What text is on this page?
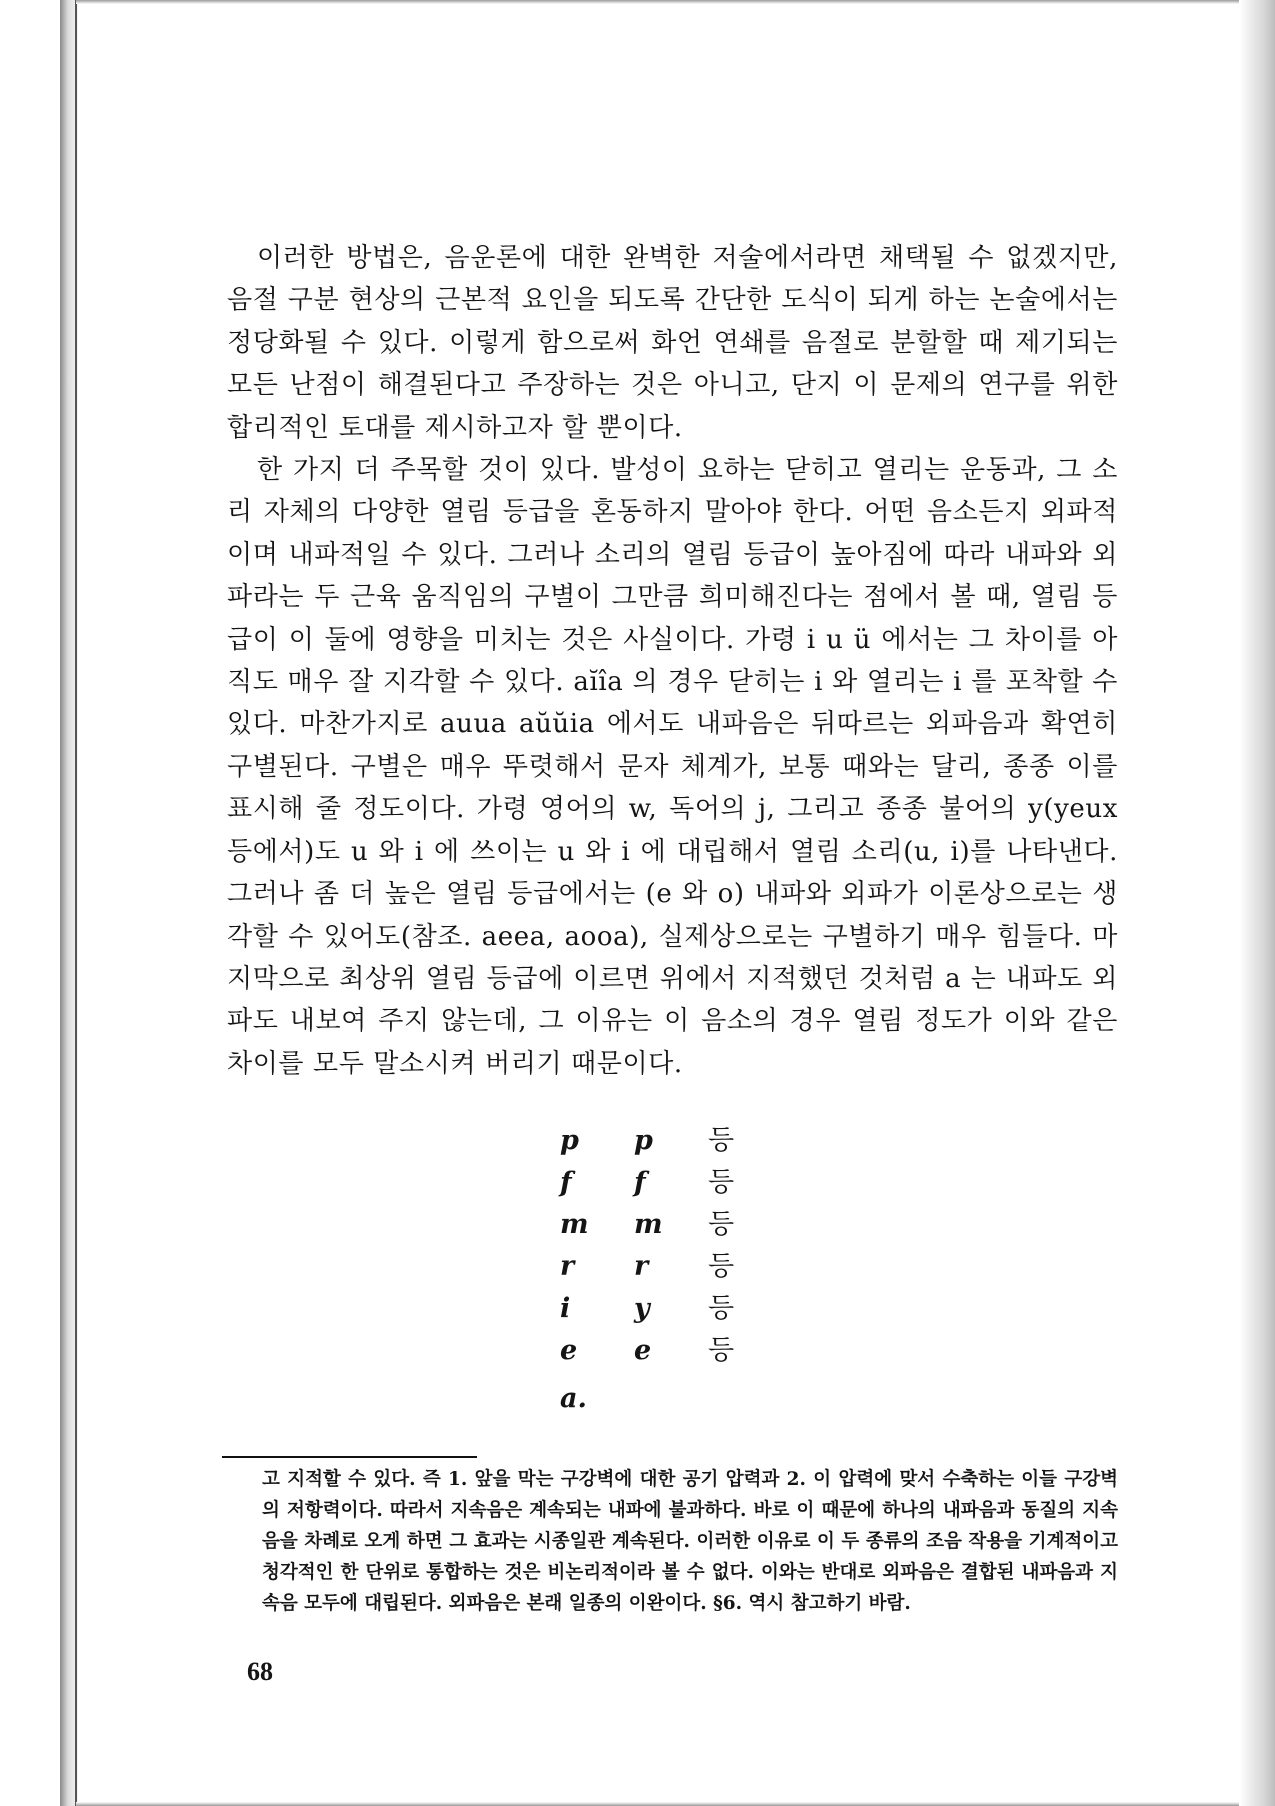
이러한 방법은, 음운론에 대한 완벽한 저술에서라면 채택될 수 없겠지만, 음절 구분 현상의 근본적 요인을 되도록 간단한 도식이 되게 하는 논술에서는 정당화될 수 있다. 이렇게 함으로써 화언 연쇄를 음절로 분할할 때 제기되는 모든 난점이 해결된다고 주장하는 것은 아니고, 단지 이 문제의 연구를 위한 합리적인 토대를 제시하고자 할 뿐이다.

한 가지 더 주목할 것이 있다. 발성이 요하는 닫히고 열리는 운동과, 그 소리 자체의 다양한 열림 등급을 혼동하지 말아야 한다. 어떤 음소든지 외파적이며 내파적일 수 있다. 그러나 소리의 열림 등급이 높아짐에 따라 내파와 외파라는 두 근육 움직임의 구별이 그만큼 희미해진다는 점에서 볼 때, 열림 등급이 이 둘에 영향을 미치는 것은 사실이다. 가령 i u ü 에서는 그 차이를 아직도 매우 잘 지각할 수 있다. aĭîa 의 경우 닫히는 i 와 열리는 i 를 포착할 수 있다. 마찬가지로 auua aŭŭia 에서도 내파음은 뒤따르는 외파음과 확연히 구별된다. 구별은 매우 뚜렷해서 문자 체계가, 보통 때와는 달리, 종종 이를 표시해 줄 정도이다. 가령 영어의 w, 독어의 j, 그리고 종종 불어의 y(yeux 등에서)도 u 와 i 에 쓰이는 u 와 i 에 대립해서 열림 소리(u, i)를 나타낸다. 그러나 좀 더 높은 열림 등급에서는 (e 와 o) 내파와 외파가 이론상으로는 생각할 수 있어도(참조. aeea, aooa), 실제상으로는 구별하기 매우 힘들다. 마지막으로 최상위 열림 등급에 이르면 위에서 지적했던 것처럼 a 는 내파도 외파도 내보여 주지 않는데, 그 이유는 이 음소의 경우 열림 정도가 이와 같은 차이를 모두 말소시켜 버리기 때문이다.

p	p	등
f	f	등
m	m	등
r	r	등
i	y	등
e	e	등
a.
고 지적할 수 있다. 즉 1. 앞을 막는 구강벽에 대한 공기 압력과 2. 이 압력에 맞서 수축하는 이들 구강벽의 저항력이다. 따라서 지속음은 계속되는 내파에 불과하다. 바로 이 때문에 하나의 내파음과 동질의 지속음을 차례로 오게 하면 그 효과는 시종일관 계속된다. 이러한 이유로 이 두 종류의 조음 작용을 기계적이고 청각적인 한 단위로 통합하는 것은 비논리적이라 볼 수 없다. 이와는 반대로 외파음은 결합된 내파음과 지속음 모두에 대립된다. 외파음은 본래 일종의 이완이다. §6. 역시 참고하기 바람.
68
